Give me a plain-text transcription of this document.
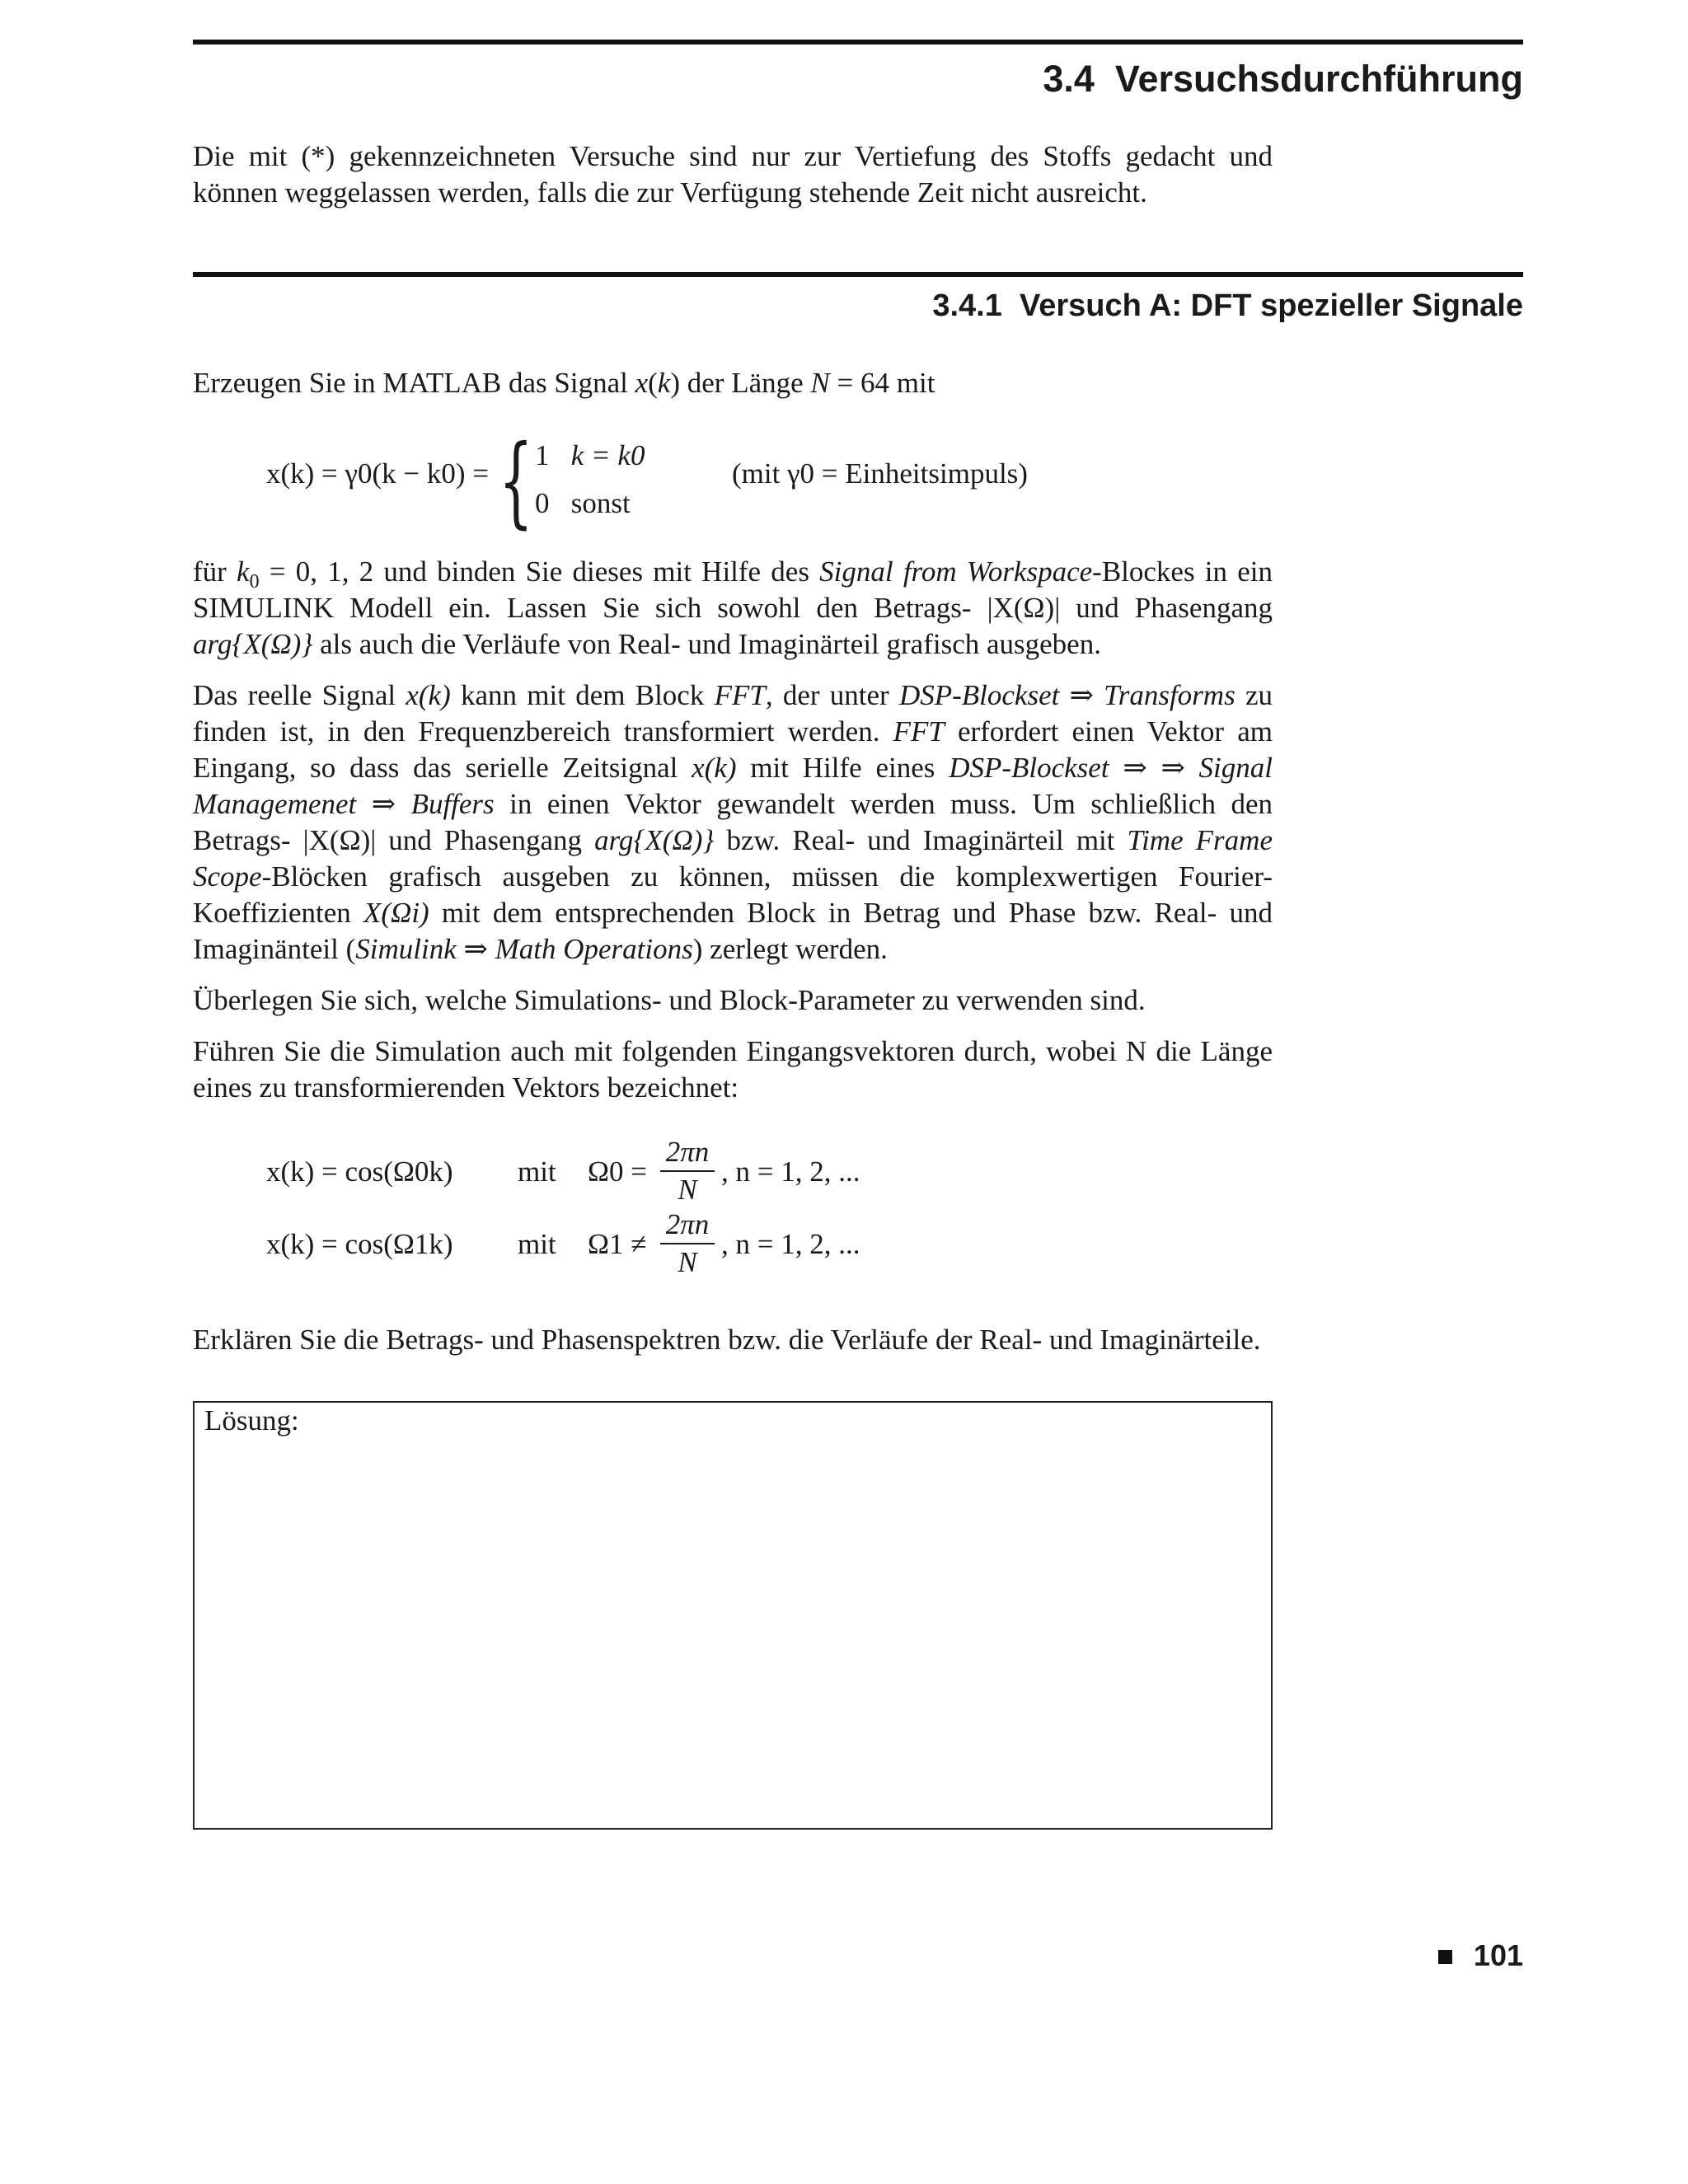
3.4 Versuchsdurchführung

Die mit (*) gekennzeichneten Versuche sind nur zur Vertiefung des Stoffs gedacht und können weggelassen werden, falls die zur Verfügung stehende Zeit nicht ausreicht.

3.4.1 Versuch A: DFT spezieller Signale

Erzeugen Sie in MATLAB das Signal x(k) der Länge N = 64 mit

x(k) = γ0(k − k0) = { 1 k = k0
0 sonst
(mit γ0 = Einheitsimpuls)

für $k_0 = 0$, 1, 2 und binden Sie dieses mit Hilfe des Signal from Workspace-Blockes in ein SIMULINK Modell ein. Lassen Sie sich sowohl den Betrags- |X(Ω)| und Phasengang arg{X(Ω)} als auch die Verläufe von Real- und Imaginärteil grafisch ausgeben.

Das reelle Signal x(k) kann mit dem Block FFT, der unter DSP-Blockset ⇒ Transforms zu finden ist, in den Frequenzbereich transformiert werden. FFT erfordert einen Vektor am Eingang, so dass das serielle Zeitsignal x(k) mit Hilfe eines DSP-Blockset ⇒ ⇒ Signal Managemenet ⇒ Buffers in einen Vektor gewandelt werden muss. Um schließlich den Betrags- |X(Ω)| und Phasengang arg{X(Ω)} bzw. Real- und Imaginärteil mit Time Frame Scope-Blöcken grafisch ausgeben zu können, müssen die komplexwertigen Fourier-Koeffizienten X(Ωi) mit dem entsprechenden Block in Betrag und Phase bzw. Real- und Imaginänteil (Simulink ⇒ Math Operations) zerlegt werden.

Überlegen Sie sich, welche Simulations- und Block-Parameter zu verwenden sind.

Führen Sie die Simulation auch mit folgenden Eingangsvektoren durch, wobei N die Länge eines zu transformierenden Vektors bezeichnet:

x(k) = cos(Ω0k) mit Ω0 =
2πn
N
, n = 1, 2, ...
x(k) = cos(Ω1k) mit Ω1 ≠
2πn
N
, n = 1, 2, ...

Erklären Sie die Betrags- und Phasenspektren bzw. die Verläufe der Real- und Imaginärteile.

Lösung:
101
